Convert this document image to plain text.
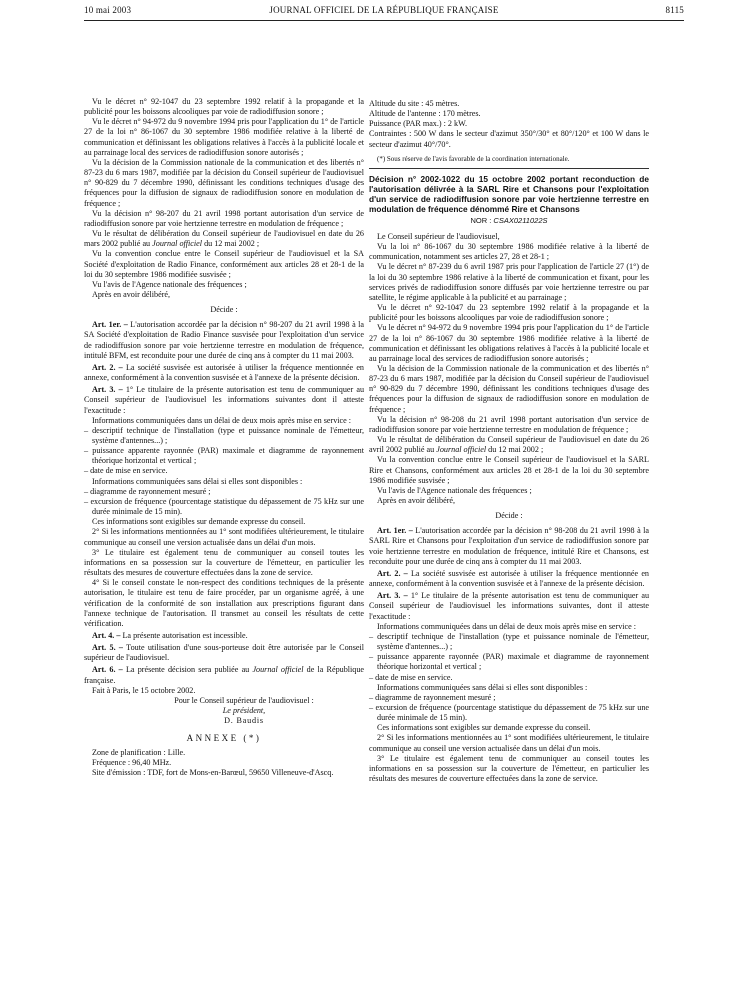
10 mai 2003	JOURNAL OFFICIEL DE LA RÉPUBLIQUE FRANÇAISE	8115

Vu le décret n° 92-1047 du 23 septembre 1992 relatif à la propagande et la publicité pour les boissons alcooliques par voie de radiodiffusion sonore ;

Vu le décret n° 94-972 du 9 novembre 1994 pris pour l'application du 1° de l'article 27 de la loi n° 86-1067 du 30 septembre 1986 modifiée relative à la liberté de communication et définissant les obligations relatives à l'accès à la publicité locale et au parrainage local des services de radiodiffusion sonore autorisés ;

Vu la décision de la Commission nationale de la communication et des libertés n° 87-23 du 6 mars 1987, modifiée par la décision du Conseil supérieur de l'audiovisuel n° 90-829 du 7 décembre 1990, définissant les conditions techniques d'usage des fréquences pour la diffusion de signaux de radiodiffusion sonore en modulation de fréquence ;

Vu la décision n° 98-207 du 21 avril 1998 portant autorisation d'un service de radiodiffusion sonore par voie hertzienne terrestre en modulation de fréquence ;

Vu le résultat de délibération du Conseil supérieur de l'audiovisuel en date du 26 mars 2002 publié au Journal officiel du 12 mai 2002 ;

Vu la convention conclue entre le Conseil supérieur de l'audiovisuel et la SA Société d'exploitation de Radio Finance, conformément aux articles 28 et 28-1 de la loi du 30 septembre 1986 modifiée susvisée ;

Vu l'avis de l'Agence nationale des fréquences ;

Après en avoir délibéré,

Décide :

Art. 1er. – L'autorisation accordée par la décision n° 98-207 du 21 avril 1998 à la SA Société d'exploitation de Radio Finance susvisée pour l'exploitation d'un service de radiodiffusion sonore par voie hertzienne terrestre en modulation de fréquence, intitulé BFM, est reconduite pour une durée de cinq ans à compter du 11 mai 2003.

Art. 2. – La société susvisée est autorisée à utiliser la fréquence mentionnée en annexe, conformément à la convention susvisée et à l'annexe de la présente décision.

Art. 3. – 1° Le titulaire de la présente autorisation est tenu de communiquer au Conseil supérieur de l'audiovisuel les informations suivantes dont il atteste l'exactitude :

Informations communiquées dans un délai de deux mois après mise en service :

– descriptif technique de l'installation (type et puissance nominale de l'émetteur, système d'antennes...) ;

– puissance apparente rayonnée (PAR) maximale et diagramme de rayonnement théorique horizontal et vertical ;

– date de mise en service.

Informations communiquées sans délai si elles sont disponibles :

– diagramme de rayonnement mesuré ;

– excursion de fréquence (pourcentage statistique du dépassement de 75 kHz sur une durée minimale de 15 min).

Ces informations sont exigibles sur demande expresse du conseil.

2° Si les informations mentionnées au 1° sont modifiées ultérieurement, le titulaire communique au conseil une version actualisée dans un délai d'un mois.

3° Le titulaire est également tenu de communiquer au conseil toutes les informations en sa possession sur la couverture de l'émetteur, en particulier les résultats des mesures de couverture effectuées dans la zone de service.

4° Si le conseil constate le non-respect des conditions techniques de la présente autorisation, le titulaire est tenu de faire procéder, par un organisme agréé, à une vérification de la conformité de son installation aux prescriptions figurant dans l'annexe technique de l'autorisation. Il transmet au conseil les résultats de cette vérification.

Art. 4. – La présente autorisation est incessible.

Art. 5. – Toute utilisation d'une sous-porteuse doit être autorisée par le Conseil supérieur de l'audiovisuel.

Art. 6. – La présente décision sera publiée au Journal officiel de la République française.

Fait à Paris, le 15 octobre 2002.

Pour le Conseil supérieur de l'audiovisuel :

Le président,

D. Baudis

ANNEXE (*)

Zone de planification : Lille.

Fréquence : 96,40 MHz.

Site d'émission : TDF, fort de Mons-en-Barœul, 59650 Villeneuve-d'Ascq.

Altitude du site : 45 mètres.

Altitude de l'antenne : 170 mètres.

Puissance (PAR max.) : 2 kW.

Contraintes : 500 W dans le secteur d'azimut 350°/30° et 80°/120° et 100 W dans le secteur d'azimut 40°/70°.

(*) Sous réserve de l'avis favorable de la coordination internationale.

Décision n° 2002-1022 du 15 octobre 2002 portant reconduction de l'autorisation délivrée à la SARL Rire et Chansons pour l'exploitation d'un service de radiodiffusion sonore par voie hertzienne terrestre en modulation de fréquence dénommé Rire et Chansons

NOR : CSAX0211022S

Le Conseil supérieur de l'audiovisuel,

Vu la loi n° 86-1067 du 30 septembre 1986 modifiée relative à la liberté de communication, notamment ses articles 27, 28 et 28-1 ;

Vu le décret n° 87-239 du 6 avril 1987 pris pour l'application de l'article 27 (1°) de la loi du 30 septembre 1986 relative à la liberté de communication et fixant, pour les services privés de radiodiffusion sonore diffusés par voie hertzienne terrestre ou par satellite, le régime applicable à la publicité et au parrainage ;

Vu le décret n° 92-1047 du 23 septembre 1992 relatif à la propagande et la publicité pour les boissons alcooliques par voie de radiodiffusion sonore ;

Vu le décret n° 94-972 du 9 novembre 1994 pris pour l'application du 1° de l'article 27 de la loi n° 86-1067 du 30 septembre 1986 modifiée relative à la liberté de communication et définissant les obligations relatives à l'accès à la publicité locale et au parrainage local des services de radiodiffusion sonore autorisés ;

Vu la décision de la Commission nationale de la communication et des libertés n° 87-23 du 6 mars 1987, modifiée par la décision du Conseil supérieur de l'audiovisuel n° 90-829 du 7 décembre 1990, définissant les conditions techniques d'usage des fréquences pour la diffusion de signaux de radiodiffusion sonore en modulation de fréquence ;

Vu la décision n° 98-208 du 21 avril 1998 portant autorisation d'un service de radiodiffusion sonore par voie hertzienne terrestre en modulation de fréquence ;

Vu le résultat de délibération du Conseil supérieur de l'audiovisuel en date du 26 avril 2002 publié au Journal officiel du 12 mai 2002 ;

Vu la convention conclue entre le Conseil supérieur de l'audiovisuel et la SARL Rire et Chansons, conformément aux articles 28 et 28-1 de la loi du 30 septembre 1986 modifiée susvisée ;

Vu l'avis de l'Agence nationale des fréquences ;

Après en avoir délibéré,

Décide :

Art. 1er. – L'autorisation accordée par la décision n° 98-208 du 21 avril 1998 à la SARL Rire et Chansons pour l'exploitation d'un service de radiodiffusion sonore par voie hertzienne terrestre en modulation de fréquence, intitulé Rire et Chansons, est reconduite pour une durée de cinq ans à compter du 11 mai 2003.

Art. 2. – La société susvisée est autorisée à utiliser la fréquence mentionnée en annexe, conformément à la convention susvisée et à l'annexe de la présente décision.

Art. 3. – 1° Le titulaire de la présente autorisation est tenu de communiquer au Conseil supérieur de l'audiovisuel les informations suivantes, dont il atteste l'exactitude :

Informations communiquées dans un délai de deux mois après mise en service :

– descriptif technique de l'installation (type et puissance nominale de l'émetteur, système d'antennes...) ;

– puissance apparente rayonnée (PAR) maximale et diagramme de rayonnement théorique horizontal et vertical ;

– date de mise en service.

Informations communiquées sans délai si elles sont disponibles :

– diagramme de rayonnement mesuré ;

– excursion de fréquence (pourcentage statistique du dépassement de 75 kHz sur une durée minimale de 15 min).

Ces informations sont exigibles sur demande expresse du conseil.

2° Si les informations mentionnées au 1° sont modifiées ultérieurement, le titulaire communique au conseil une version actualisée dans un délai d'un mois.

3° Le titulaire est également tenu de communiquer au conseil toutes les informations en sa possession sur la couverture de l'émetteur, en particulier les résultats des mesures de couverture effectuées dans la zone de service.
